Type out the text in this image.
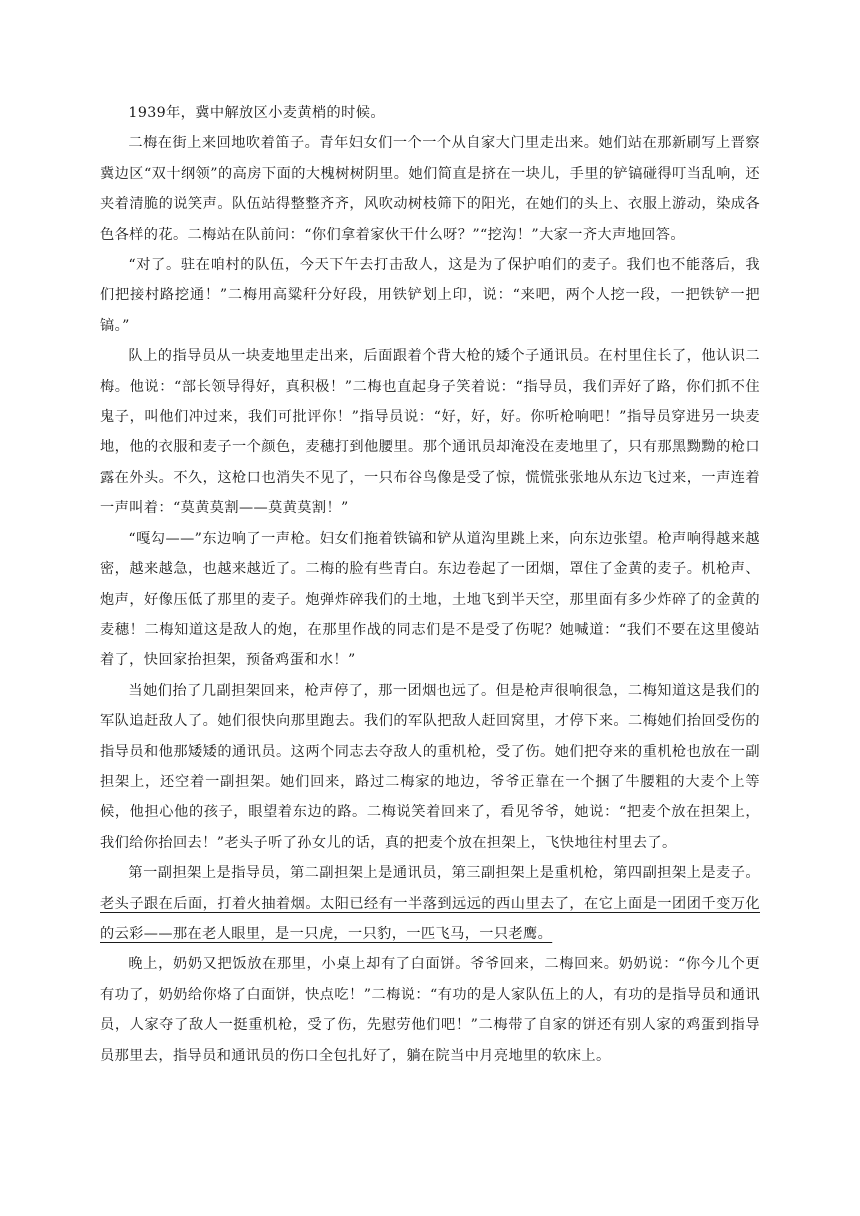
1939年，冀中解放区小麦黄梢的时候。

二梅在街上来回地吹着笛子。青年妇女们一个一个从自家大门里走出来。她们站在那新刷写上晋察冀边区“双十纲领”的高房下面的大槐树树阴里。她们简直是挤在一块儿，手里的铲镐碰得叮当乱响，还夹着清脆的说笑声。队伍站得整整齐齐，风吹动树枝筛下的阳光，在她们的头上、衣服上游动，染成各色各样的花。二梅站在队前问：“你们拿着家伙干什么呀？”“挖沟！”大家一齐大声地回答。

“对了。驻在咱村的队伍，今天下午去打击敌人，这是为了保护咱们的麦子。我们也不能落后，我们把接村路挖通！”二梅用高粱秆分好段，用铁铲划上印，说：“来吧，两个人挖一段，一把铁铲一把镐。”

队上的指导员从一块麦地里走出来，后面跟着个背大枪的矮个子通讯员。在村里住长了，他认识二梅。他说：“部长领导得好，真积极！”二梅也直起身子笑着说：“指导员，我们弄好了路，你们抓不住鬼子，叫他们冲过来，我们可批评你！”指导员说：“好，好，好。你听枪响吧！”指导员穿进另一块麦地，他的衣服和麦子一个颜色，麦穗打到他腰里。那个通讯员却淹没在麦地里了，只有那黑黝黝的枪口露在外头。不久，这枪口也消失不见了，一只布谷鸟像是受了惊，慌慌张张地从东边飞过来，一声连着一声叫着：“莫黄莫割——莫黄莫割！”

“嘎勾——”东边响了一声枪。妇女们拖着铁镐和铲从道沟里跳上来，向东边张望。枪声响得越来越密，越来越急，也越来越近了。二梅的脸有些青白。东边卷起了一团烟，罩住了金黄的麦子。机枪声、炮声，好像压低了那里的麦子。炮弹炸碎我们的土地，土地飞到半天空，那里面有多少炸碎了的金黄的麦穗！二梅知道这是敌人的炮，在那里作战的同志们是不是受了伤呢？她喊道：“我们不要在这里傻站着了，快回家抬担架，预备鸡蛋和水！”

当她们抬了几副担架回来，枪声停了，那一团烟也远了。但是枪声很响很急，二梅知道这是我们的军队追赶敌人了。她们很快向那里跑去。我们的军队把敌人赶回窝里，才停下来。二梅她们抬回受伤的指导员和他那矮矮的通讯员。这两个同志去夺敌人的重机枪，受了伤。她们把夺来的重机枪也放在一副担架上，还空着一副担架。她们回来，路过二梅家的地边，爷爷正靠在一个捆了牛腰粗的大麦个上等候，他担心他的孩子，眼望着东边的路。二梅说笑着回来了，看见爷爷，她说：“把麦个放在担架上，我们给你抬回去！”老头子听了孙女儿的话，真的把麦个放在担架上，飞快地往村里去了。

第一副担架上是指导员，第二副担架上是通讯员，第三副担架上是重机枪，第四副担架上是麦子。老头子跟在后面，打着火抽着烟。太阳已经有一半落到远远的西山里去了，在它上面是一团团千变万化的云彩——那在老人眼里，是一只虎，一只豹，一匹飞马，一只老鹰。

晚上，奶奶又把饭放在那里，小桌上却有了白面饼。爷爷回来，二梅回来。奶奶说：“你今儿个更有功了，奶奶给你烙了白面饼，快点吃！”二梅说：“有功的是人家队伍上的人，有功的是指导员和通讯员，人家夺了敌人一挺重机枪，受了伤，先慰劳他们吧！”二梅带了自家的饼还有别人家的鸡蛋到指导员那里去，指导员和通讯员的伤口全包扎好了，躺在院当中月亮地里的软床上。
